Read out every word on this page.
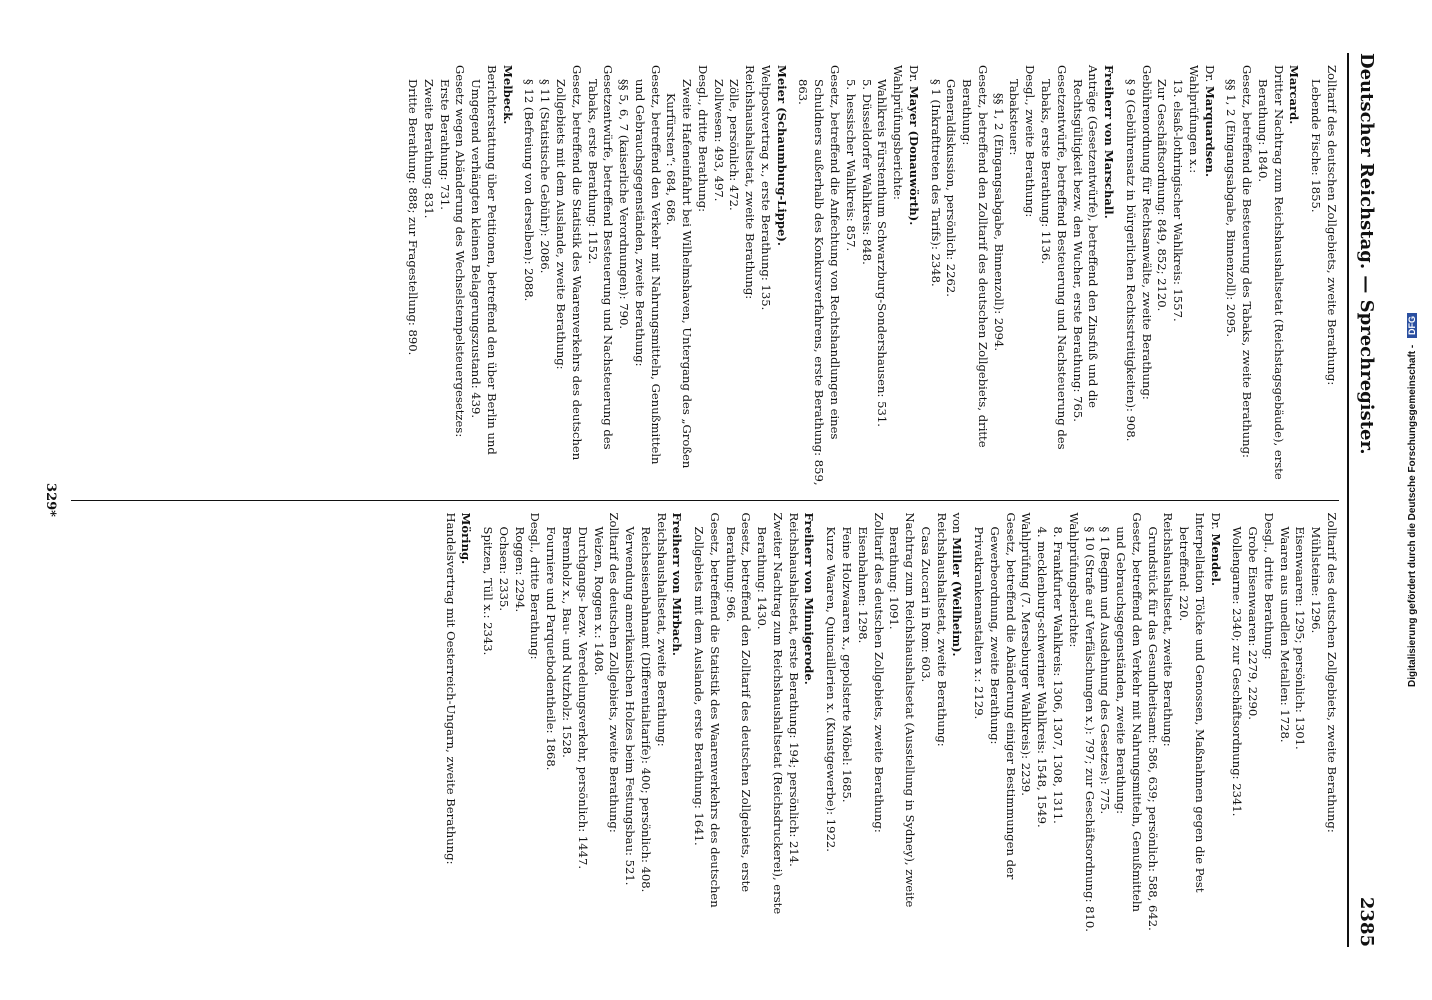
Deutscher Reichstag. — Sprechregister.
2385
Zolltarif des deutschen Zollgebiets, zweite Berathung:
Lebende Fische: 1855.
Marcard.
Dritter Nachtrag zum Reichshaushaltsetat (Reichstagsgebäude), erste Berathung: 1840.
Gesetz, betreffend die Besteuerung des Tabaks, zweite Berathung:
§§ 1, 2 (Eingangsabgabe, Binnenzoll): 2095.
Dr. Marquardsen.
Wahlprüfungen x.:
13. elsaß-lothringischer Wahlkreis: 1557.
Zur Geschäftsordnung: 849, 852; 2120.
Gebührenordnung für Rechtsanwälte, zweite Berathung:
§ 9 (Gebührensatz in bürgerlichen Rechtsstreitigkeiten): 908.
Freiherr von Marschall.
Anträge (Gesetzentwürfe), betreffend den Zinsfuß und die Rechtsgültigkeit bezw. den Wucher, erste Berathung: 765.
Gesetzentwürfe, betreffend Besteuerung und Nachsteuerung des Tabaks, erste Berathung: 1136.
Desgl., zweite Berathung:
Tabaksteuer:
§§ 1, 2 (Eingangsabgabe, Binnenzoll): 2094.
Gesetz, betreffend den Zolltarif des deutschen Zollgebiets, dritte Berathung:
Generaldiskussion, persönlich: 2262.
§ 1 (Inkrafttreten des Tarifs): 2348.
Dr. Mayer (Donauwörth).
Wahlprüfungsberichte:
Wahlkreis Fürstenthum Schwarzburg-Sondershausen: 531.
5. Düsseldorfer Wahlkreis: 848.
5. hessischer Wahlkreis: 857.
Gesetz, betreffend die Anfechtung von Rechtshandlungen eines Schuldners außerhalb des Konkursverfahrens, erste Berathung: 859, 863.
Meier (Schaumburg-Lippe).
Weltpostvertrag x., erste Berathung: 135.
Reichshaushaltsetat, zweite Berathung:
Zölle, persönlich: 472.
Zollwesen: 493, 497.
Desgl., dritte Berathung:
Zweite Hafeneinfahrt bei Wilhelmshaven, Untergang des „Großen Kurfürsten“: 684, 686.
Gesetz, betreffend den Verkehr mit Nahrungsmitteln, Genußmitteln und Gebrauchsgegenständen, zweite Berathung:
§§ 5, 6, 7 (kaiserliche Verordnungen): 790.
Gesetzentwürfe, betreffend Besteuerung und Nachsteuerung des Tabaks, erste Berathung: 1152.
Gesetz, betreffend die Statistik des Waarenverkehrs des deutschen Zollgebiets mit dem Auslande, zweite Berathung:
§ 11 (Statistische Gebühr): 2086.
§ 12 (Befreiung von derselben): 2088.
Melbeck.
Berichterstattung über Petitionen, betreffend den über Berlin und Umgegend verhängten kleinen Belagerungszustand: 439.
Gesetz wegen Abänderung des Wechselstempelsteuergesetzes:
Erste Berathung: 731.
Zweite Berathung: 831.
Dritte Berathung: 888; zur Fragestellung: 890.
Zolltarif des deutschen Zollgebiets, zweite Berathung:
Mühlsteine: 1296.
Eisenwaaren: 1295; persönlich: 1301.
Waaren aus unedlen Metallen: 1728.
Desgl., dritte Berathung:
Grobe Eisenwaaren: 2279, 2290.
Wollengarne: 2340; zur Geschäftsordnung: 2341.
Dr. Mendel.
Interpellation Tölcke und Genossen, Maßnahmen gegen die Pest betreffend: 220.
Reichshaushaltsetat, zweite Berathung:
Grundstück für das Gesundheitsamt: 586, 639; persönlich: 588, 642.
Gesetz, betreffend den Verkehr mit Nahrungsmitteln, Genußmitteln und Gebrauchsgegenständen, zweite Berathung:
§ 1 (Beginn und Ausdehnung des Gesetzes): 775.
§ 10 (Strafe auf Verfälschungen x.): 797; zur Geschäftsordnung: 810.
Wahlprüfungsberichte:
8. Frankfurter Wahlkreis: 1306, 1307, 1308, 1311.
4. mecklenburg-schweriner Wahlkreis: 1548, 1549.
Wahlprüfung (7. Merseburger Wahlkreis): 2239.
Gesetz, betreffend die Abänderung einiger Bestimmungen der Gewerbeordnung, zweite Berathung:
Privatkrankenanstalten x.: 2129.
von Miller (Weilheim).
Reichshaushaltsetat, zweite Berathung:
Casa Zuccari in Rom: 603.
Nachtrag zum Reichshaushaltsetat (Ausstellung in Sydney), zweite Berathung: 1091.
Zolltarif des deutschen Zollgebiets, zweite Berathung:
Eisenbahnen: 1298.
Feine Holzwaaren x., gepolsterte Möbel: 1685.
Kurze Waaren, Quincaillerien x. (Kunstgewerbe): 1922.
Freiherr von Minnigerode.
Reichshaushaltsetat, erste Berathung: 194; persönlich: 214.
Zweiter Nachtrag zum Reichshaushaltsetat (Reichsdruckerei), erste Berathung: 1430.
Gesetz, betreffend den Zolltarif des deutschen Zollgebiets, erste Berathung: 966.
Gesetz, betreffend die Statistik des Waarenverkehrs des deutschen Zollgebiets mit dem Auslande, erste Berathung: 1641.
Freiherr von Mirbach.
Reichshaushaltsetat, zweite Berathung:
Reichseisenbahnamt (Differentialtarife): 400; persönlich: 408.
Verwendung amerikanischen Holzes beim Festungsbau: 521.
Zolltarif des deutschen Zollgebiets, zweite Berathung:
Weizen, Roggen x.: 1408.
Durchgangs- bezw. Veredelungsverkehr, persönlich: 1447.
Brennholz x., Bau- und Nutzholz: 1528.
Fourniere und Parquetbodentheile: 1868.
Desgl., dritte Berathung:
Roggen: 2294.
Ochsen: 2335.
Spitzen, Tüll x.: 2343.
Möring.
Handelsvertrag mit Oesterreich-Ungarn, zweite Berathung:
329*	Digitalisierung gefördert durch die Deutsche Forschungsgemeinschaft - DFG
